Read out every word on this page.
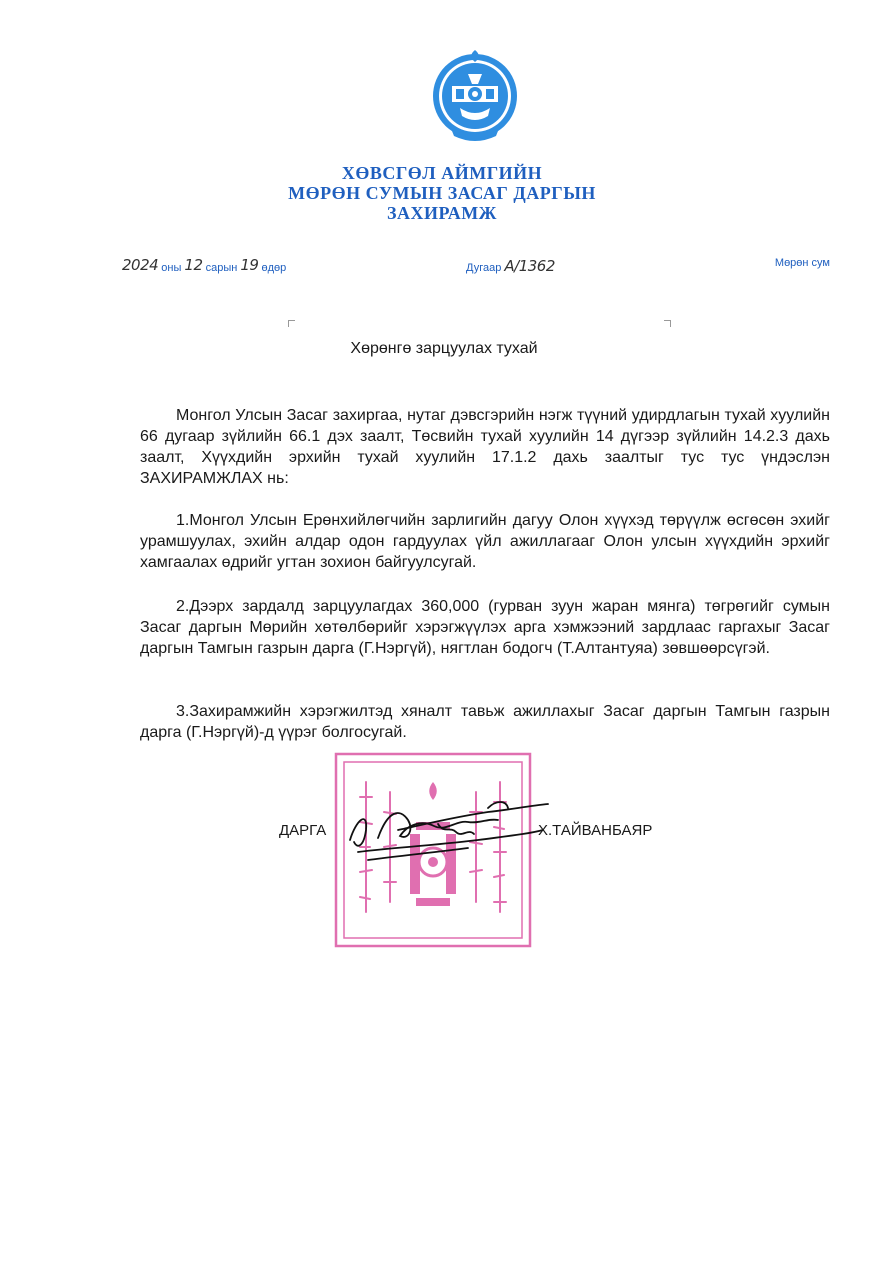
ХӨВСГӨЛ АЙМГИЙН
МӨРӨН СУМЫН ЗАСАГ ДАРГЫН
ЗАХИРАМЖ
2024 оны 12 сарын 19 өдөр	Дугаар А/1362	Мөрөн сум
Хөрөнгө зарцуулах тухай

Монгол Улсын Засаг захиргаа, нутаг дэвсгэрийн нэгж түүний удирдлагын тухай хуулийн 66 дугаар зүйлийн 66.1 дэх заалт, Төсвийн тухай хуулийн 14 дүгээр зүйлийн 14.2.3 дахь заалт, Хүүхдийн эрхийн тухай хуулийн 17.1.2 дахь заалтыг тус тус үндэслэн ЗАХИРАМЖЛАХ нь:

1.Монгол Улсын Ерөнхийлөгчийн зарлигийн дагуу Олон хүүхэд төрүүлж өсгөсөн эхийг урамшуулах, эхийн алдар одон гардуулах үйл ажиллагааг Олон улсын хүүхдийн эрхийг хамгаалах өдрийг угтан зохион байгуулсугай.

2.Дээрх зардалд зарцуулагдах 360,000 (гурван зуун жаран мянга) төгрөгийг сумын Засаг даргын Мөрийн хөтөлбөрийг хэрэгжүүлэх арга хэмжээний зардлаас гаргахыг Засаг даргын Тамгын газрын дарга (Г.Нэргүй), нягтлан бодогч (Т.Алтантуяа) зөвшөөрсүгэй.

3.Захирамжийн хэрэгжилтэд хяналт тавьж ажиллахыг Засаг даргын Тамгын газрын дарга (Г.Нэргүй)-д үүрэг болгосугай.

ДАРГА	Х.ТАЙВАНБАЯР
